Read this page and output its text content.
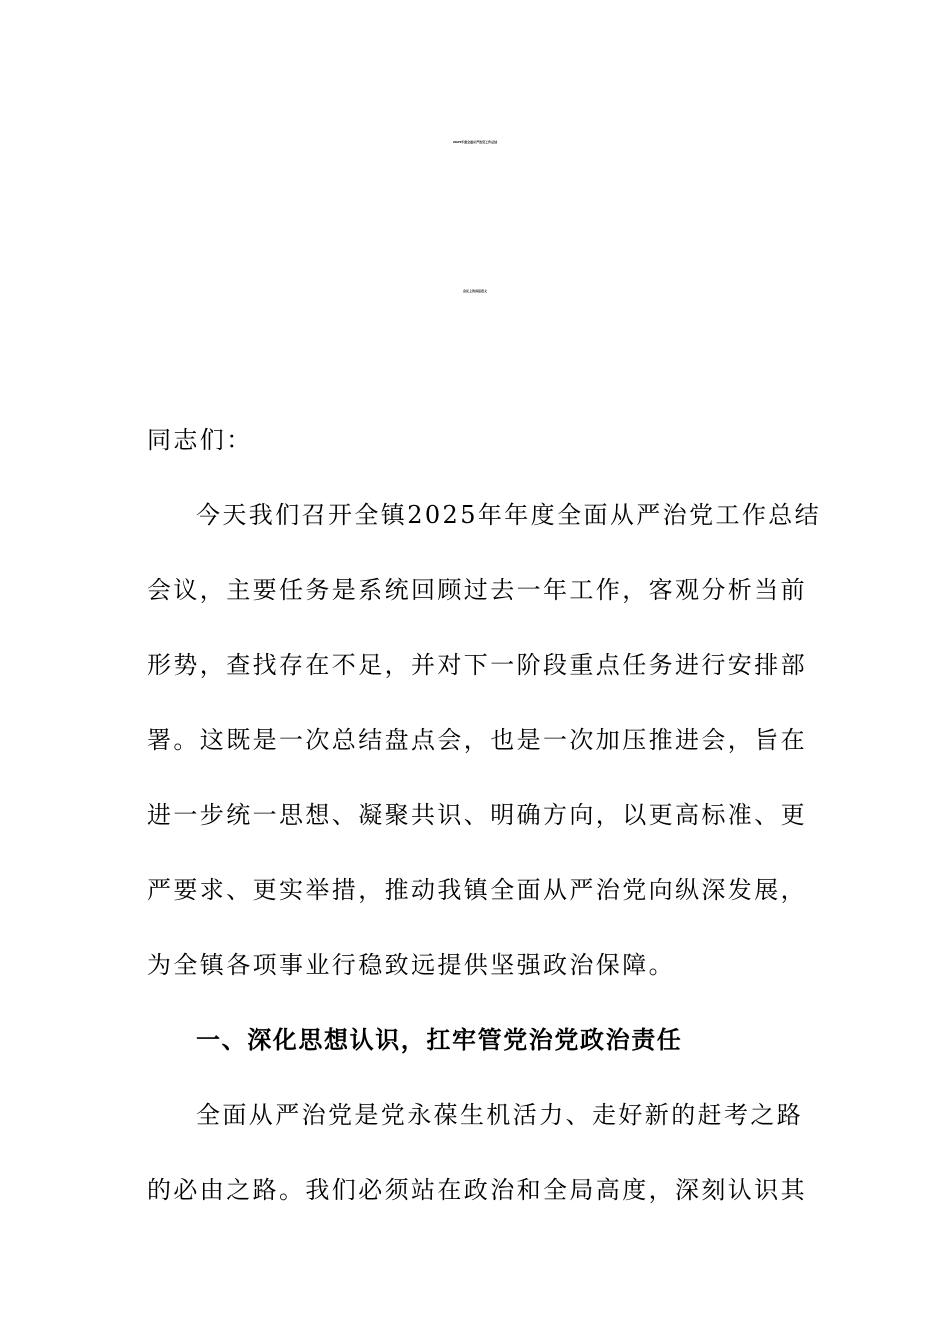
2025年度全面从严治党工作总结
会议上的讲话范文

同志们：

今天我们召开全镇2025年年度全面从严治党工作总结

会议，主要任务是系统回顾过去一年工作，客观分析当前

形势，查找存在不足，并对下一阶段重点任务进行安排部

署。这既是一次总结盘点会，也是一次加压推进会，旨在

进一步统一思想、凝聚共识、明确方向，以更高标准、更

严要求、更实举措，推动我镇全面从严治党向纵深发展，

为全镇各项事业行稳致远提供坚强政治保障。

一、深化思想认识，扛牢管党治党政治责任

全面从严治党是党永葆生机活力、走好新的赶考之路

的必由之路。我们必须站在政治和全局高度，深刻认识其
